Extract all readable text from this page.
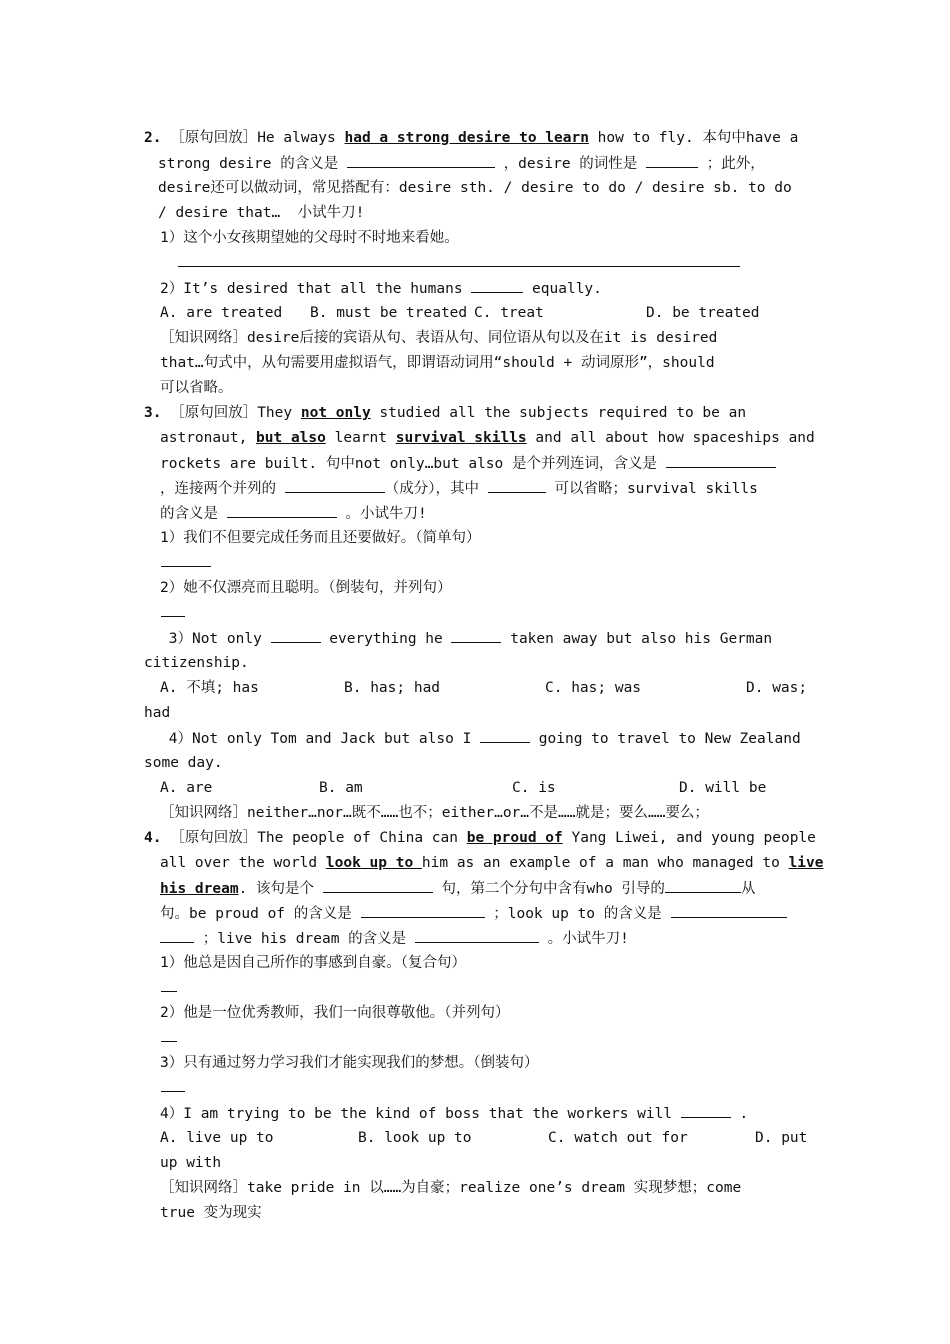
2. ［原句回放］He always had a strong desire to learn how to fly. 本句中have a
strong desire 的含义是	，desire 的词性是	；此外，
desire还可以做动词，常见搭配有：desire sth. / desire to do / desire sb. to do
/ desire that…  小试牛刀!
1）这个小女孩期望她的父母时不时地来看她。
2）It’s desired that all the humans	equally.
A. are treated B. must be treated C. treat	D. be treated
［知识网络］desire后接的宾语从句、表语从句、同位语从句以及在it is desired
that…句式中，从句需要用虚拟语气，即谓语动词用“should + 动词原形”，should
可以省略。
3. ［原句回放］They not only studied all the subjects required to be an
astronaut, but also learnt survival skills and all about how spaceships and
rockets are built. 句中not only…but also 是个并列连词，含义是
，连接两个并列的	（成分），其中	可以省略；survival skills
的含义是	。小试牛刀!
1）我们不但要完成任务而且还要做好。（简单句）
2）她不仅漂亮而且聪明。（倒装句，并列句）
3）Not only	everything he	taken away but also his German
citizenship.
A. 不填; has	B. has; had	C. has; was	D. was;
had
4）Not only Tom and Jack but also I	going to travel to New Zealand
some day.
A. are	B. am	C. is	D. will be
［知识网络］neither…nor…既不……也不；either…or…不是……就是；要么……要么；
4. ［原句回放］The people of China can be proud of Yang Liwei, and young people
all over the world look up to him as an example of a man who managed to live
his dream. 该句是个	句，第二个分句中含有who 引导的	从
句。be proud of 的含义是	；look up to 的含义是
；live his dream 的含义是	。小试牛刀!
1）他总是因自己所作的事感到自豪。（复合句）
2）他是一位优秀教师，我们一向很尊敬他。（并列句）
3）只有通过努力学习我们才能实现我们的梦想。（倒装句）
4）I am trying to be the kind of boss that the workers will	.
A. live up to	B. look up to	C. watch out for	D. put
up with
［知识网络］take pride in 以……为自豪；realize one’s dream 实现梦想；come
true 变为现实
